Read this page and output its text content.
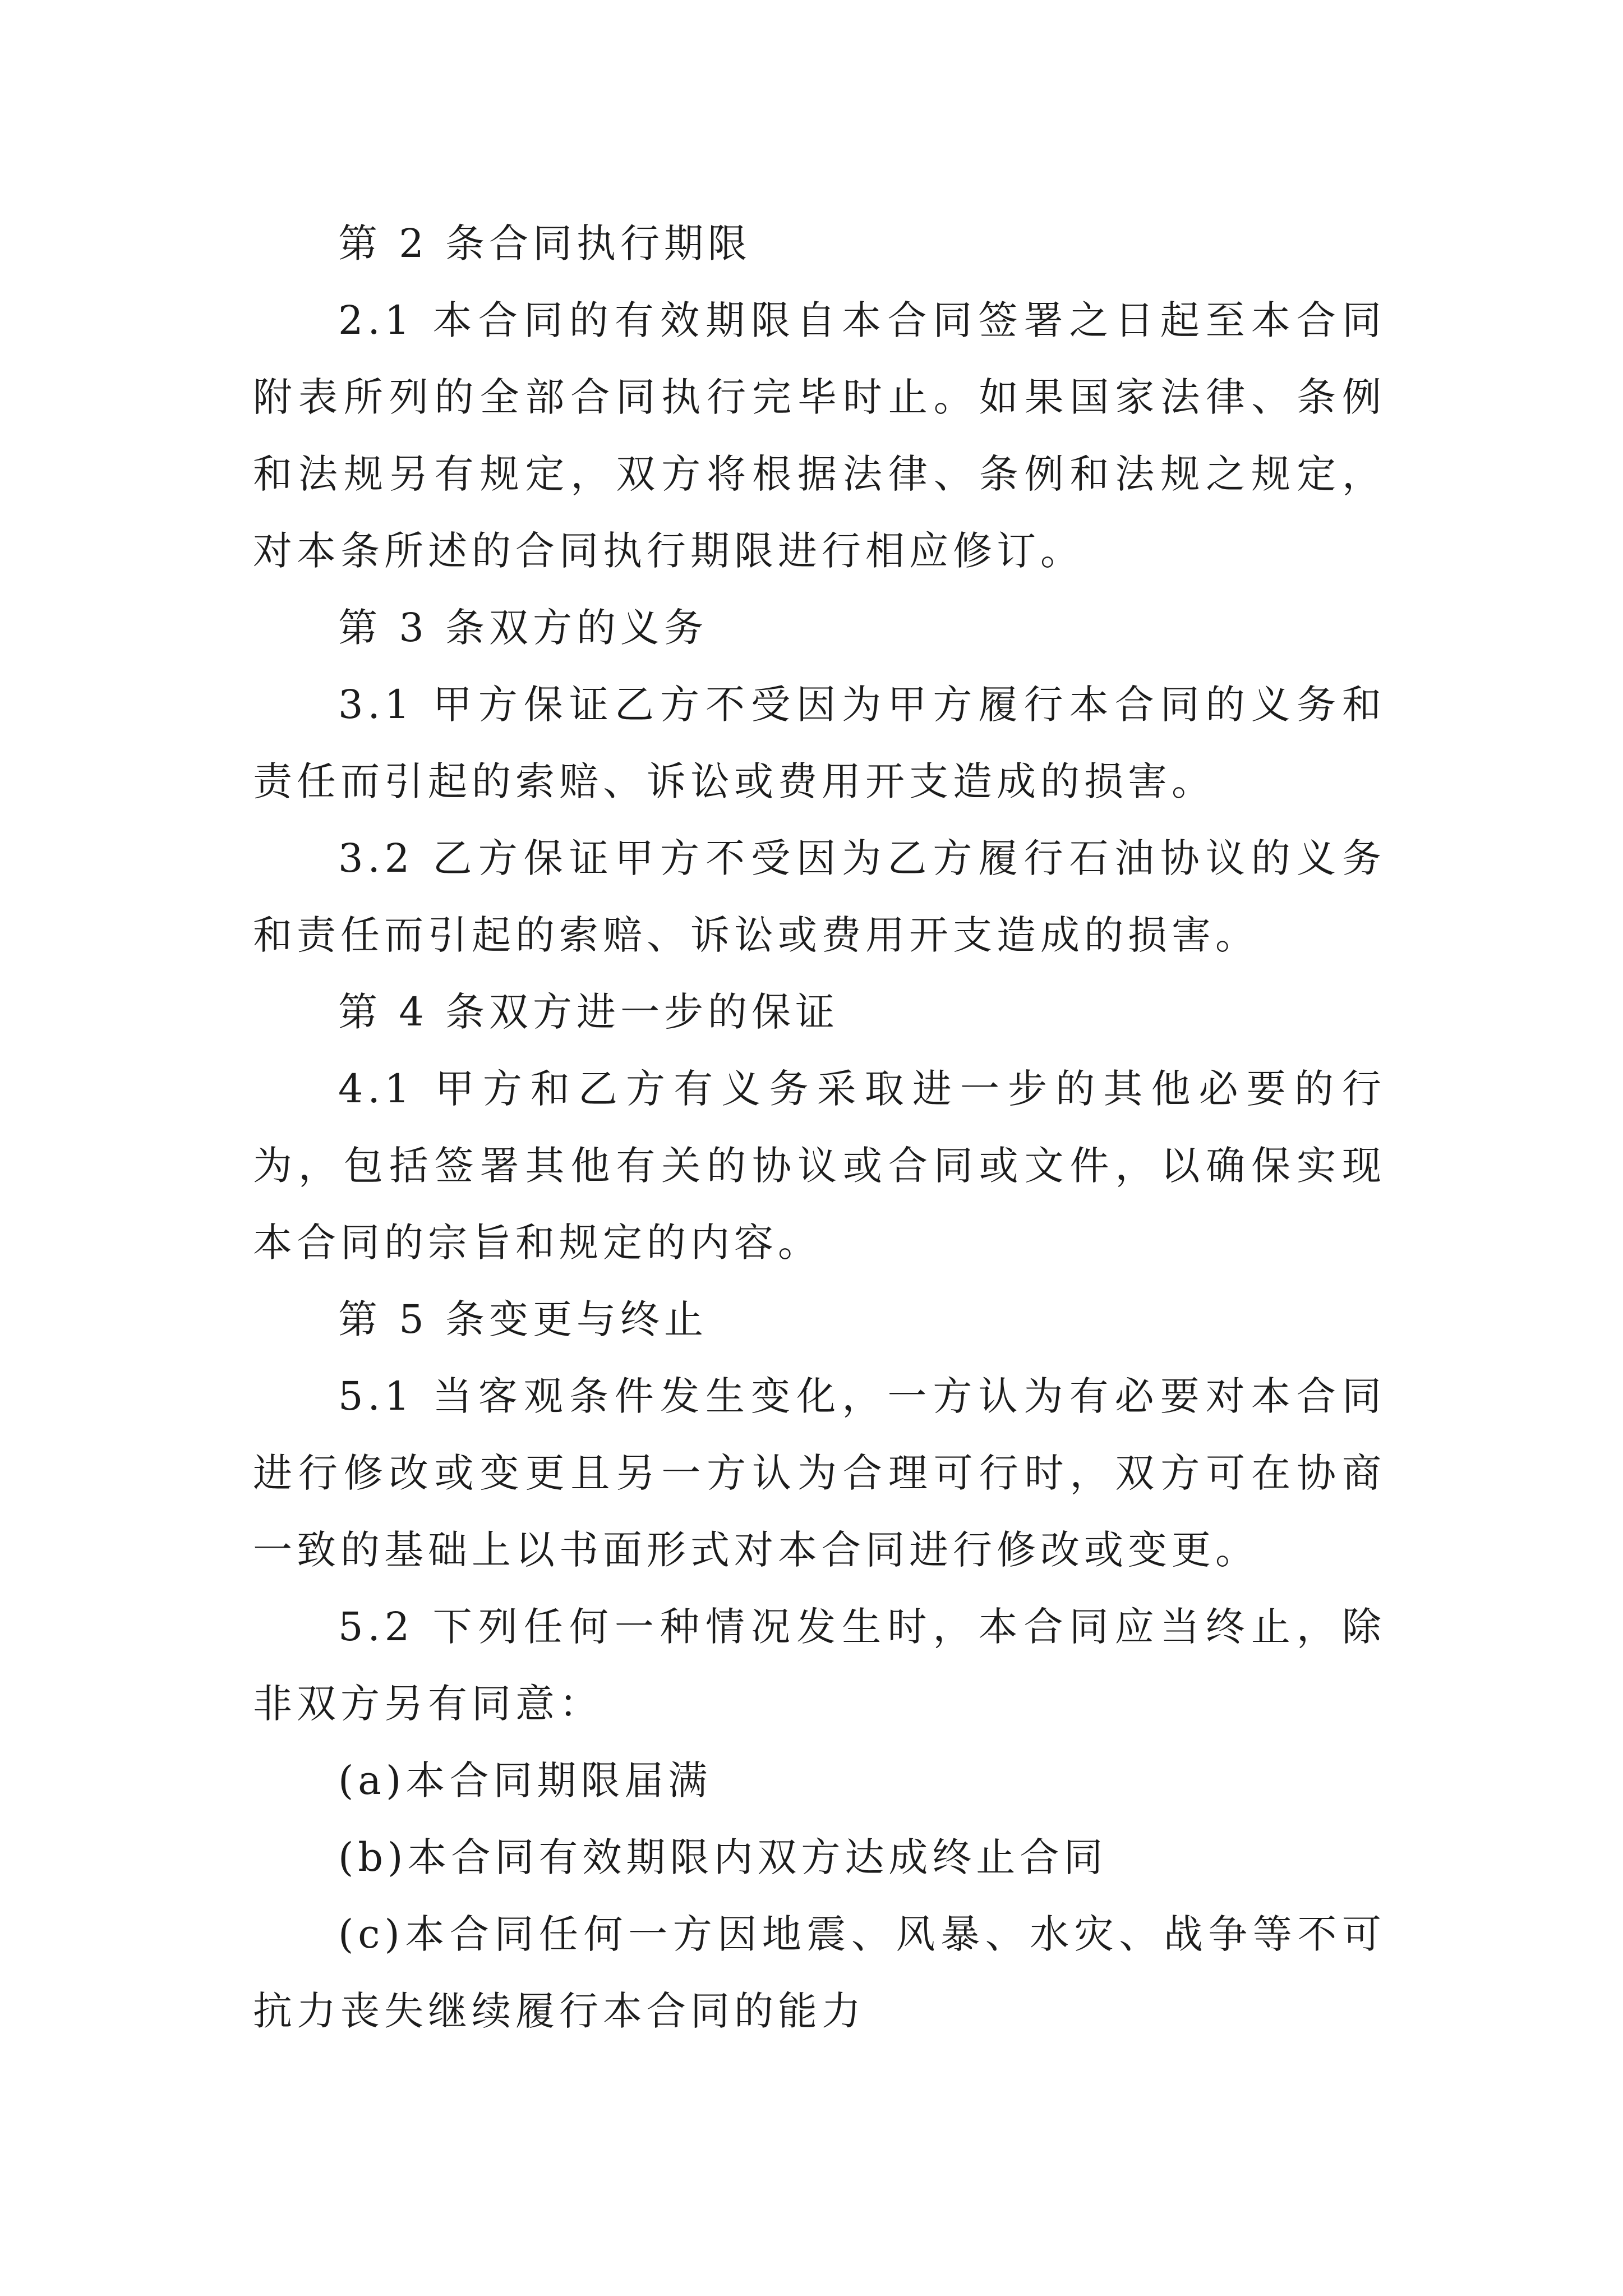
第 2 条合同执行期限

2.1 本合同的有效期限自本合同签署之日起至本合同附表所列的全部合同执行完毕时止。如果国家法律、条例和法规另有规定，双方将根据法律、条例和法规之规定，对本条所述的合同执行期限进行相应修订。

第 3 条双方的义务

3.1 甲方保证乙方不受因为甲方履行本合同的义务和责任而引起的索赔、诉讼或费用开支造成的损害。

3.2 乙方保证甲方不受因为乙方履行石油协议的义务和责任而引起的索赔、诉讼或费用开支造成的损害。

第 4 条双方进一步的保证

4.1 甲方和乙方有义务采取进一步的其他必要的行为，包括签署其他有关的协议或合同或文件，以确保实现本合同的宗旨和规定的内容。

第 5 条变更与终止

5.1 当客观条件发生变化，一方认为有必要对本合同进行修改或变更且另一方认为合理可行时，双方可在协商一致的基础上以书面形式对本合同进行修改或变更。

5.2 下列任何一种情况发生时，本合同应当终止，除非双方另有同意：

(a)本合同期限届满

(b)本合同有效期限内双方达成终止合同

(c)本合同任何一方因地震、风暴、水灾、战争等不可抗力丧失继续履行本合同的能力
